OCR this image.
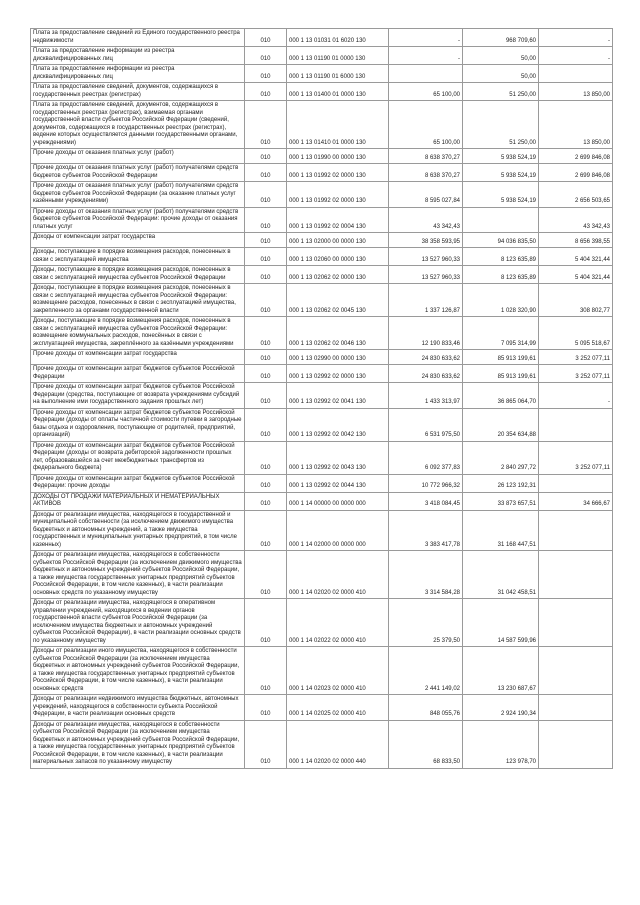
Плата за предоставление сведений из Единого государственного реестра недвижимости	010	000 1 13 01031 01 6020 130	-	968 709,60	-
Плата за предоставление информации из реестра дисквалифицированных лиц	010	000 1 13 01190 01 0000 130	-	50,00	-
Плата за предоставление информации из реестра дисквалифицированных лиц	010	000 1 13 01190 01 6000 130		50,00	
Плата за предоставление сведений, документов, содержащихся в государственных реестрах (регистрах)	010	000 1 13 01400 01 0000 130	65 100,00	51 250,00	13 850,00
Плата за предоставление сведений, документов, содержащихся в государственных реестрах (регистрах), взимаемая органами государственной власти субъектов Российской Федерации (сведений, документов, содержащихся в государственных реестрах (регистрах), ведение которых осуществляется данными государственными органами, учреждениями)	010	000 1 13 01410 01 0000 130	65 100,00	51 250,00	13 850,00
Прочие доходы от оказания платных услуг (работ)	010	000 1 13 01990 00 0000 130	8 638 370,27	5 938 524,19	2 699 846,08
Прочие доходы от оказания платных услуг (работ) получателями средств бюджетов субъектов Российской Федерации	010	000 1 13 01992 02 0000 130	8 638 370,27	5 938 524,19	2 699 846,08
Прочие доходы от оказания платных услуг (работ) получателями средств бюджетов субъектов Российской Федерации (за оказание платных услуг казёнными учреждениями)	010	000 1 13 01992 02 0000 130	8 595 027,84	5 938 524,19	2 656 503,65
Прочие доходы от оказания платных услуг (работ) получателями средств бюджетов субъектов Российской Федерации: прочие доходы от оказания платных услуг	010	000 1 13 01992 02 0004 130	43 342,43		43 342,43
Доходы от компенсации затрат государства	010	000 1 13 02000 00 0000 130	38 358 593,95	94 036 835,50	8 656 398,55
Доходы, поступающие в порядке возмещения расходов, понесенных в связи с эксплуатацией имущества	010	000 1 13 02060 00 0000 130	13 527 960,33	8 123 635,89	5 404 321,44
Доходы, поступающие в порядке возмещения расходов, понесенных в связи с эксплуатацией имущества субъектов Российской Федерации	010	000 1 13 02062 02 0000 130	13 527 960,33	8 123 635,89	5 404 321,44
Доходы, поступающие в порядке возмещения расходов, понесенных в связи с эксплуатацией имущества субъектов Российской Федерации: возмещение расходов, понесенных в связи с эксплуатацией имущества, закрепленного за органами государственной власти	010	000 1 13 02062 02 0045 130	1 337 126,87	1 028 320,90	308 802,77
Доходы, поступающие в порядке возмещения расходов, понесенных в связи с эксплуатацией имущества субъектов Российской Федерации: возмещение коммунальных расходов, понесённых в связи с эксплуатацией имущества, закреплённого за казёнными учреждениями	010	000 1 13 02062 02 0046 130	12 190 833,46	7 095 314,99	5 095 518,67
Прочие доходы от компенсации затрат государства	010	000 1 13 02990 00 0000 130	24 830 633,62	85 913 199,61	3 252 077,11
Прочие доходы от компенсации затрат бюджетов субъектов Российской Федерации	010	000 1 13 02992 02 0000 130	24 830 633,62	85 913 199,61	3 252 077,11
Прочие доходы от компенсации затрат бюджетов субъектов Российской Федерации (средства, поступающие от возврата учреждениями субсидий на выполнение ими государственного задания прошлых лет)	010	000 1 13 02992 02 0041 130	1 433 313,97	36 865 064,70	-
Прочие доходы от компенсации затрат бюджетов субъектов Российской Федерации (доходы от оплаты частичной стоимости путевки в загородные базы отдыха и оздоровления, поступающие от родителей, предприятий, организаций)	010	000 1 13 02992 02 0042 130	6 531 975,50	20 354 634,88	
Прочие доходы от компенсации затрат бюджетов субъектов Российской Федерации (доходы от возврата дебиторской задолженности прошлых лет, образовавшейся за счет межбюджетных трансфертов из федерального бюджета)	010	000 1 13 02992 02 0043 130	6 092 377,83	2 840 297,72	3 252 077,11
Прочие доходы от компенсации затрат бюджетов субъектов Российской Федерации: прочие доходы	010	000 1 13 02992 02 0044 130	10 772 966,32	26 123 192,31	
ДОХОДЫ ОТ ПРОДАЖИ МАТЕРИАЛЬНЫХ И НЕМАТЕРИАЛЬНЫХ АКТИВОВ	010	000 1 14 00000 00 0000 000	3 418 084,45	33 873 657,51	34 666,67
Доходы от реализации имущества, находящегося в государственной и муниципальной собственности (за исключением движимого имущества бюджетных и автономных учреждений, а также имущества государственных и муниципальных унитарных предприятий, в том числе казенных)	010	000 1 14 02000 00 0000 000	3 383 417,78	31 168 447,51	
Доходы от реализации имущества, находящегося в собственности субъектов Российской Федерации (за исключением движимого имущества бюджетных и автономных учреждений субъектов Российской Федерации, а также имущества государственных унитарных предприятий субъектов Российской Федерации, в том числе казенных), в части реализации основных средств по указанному имуществу	010	000 1 14 02020 02 0000 410	3 314 584,28	31 042 458,51	
Доходы от реализации имущества, находящегося в оперативном управлении учреждений, находящихся в ведении органов государственной власти субъектов Российской Федерации (за исключением имущества бюджетных и автономных учреждений субъектов Российской Федерации), в части реализации основных средств по указанному имуществу	010	000 1 14 02022 02 0000 410	25 379,50	14 587 599,96	
Доходы от реализации иного имущества, находящегося в собственности субъектов Российской Федерации (за исключением имущества бюджетных и автономных учреждений субъектов Российской Федерации, а также имущества государственных унитарных предприятий субъектов Российской Федерации, в том числе казенных), в части реализации основных средств	010	000 1 14 02023 02 0000 410	2 441 149,02	13 230 687,67	
Доходы от реализации недвижимого имущества бюджетных, автономных учреждений, находящегося в собственности субъекта Российской Федерации, в части реализации основных средств	010	000 1 14 02025 02 0000 410	848 055,76	2 924 190,34	
Доходы от реализации имущества, находящегося в собственности субъектов Российской Федерации (за исключением имущества бюджетных и автономных учреждений субъектов Российской Федерации, а также имущества государственных унитарных предприятий субъектов Российской Федерации, в том числе казенных), в части реализации материальных запасов по указанному имуществу	010	000 1 14 02020 02 0000 440	68 833,50	123 978,70	
